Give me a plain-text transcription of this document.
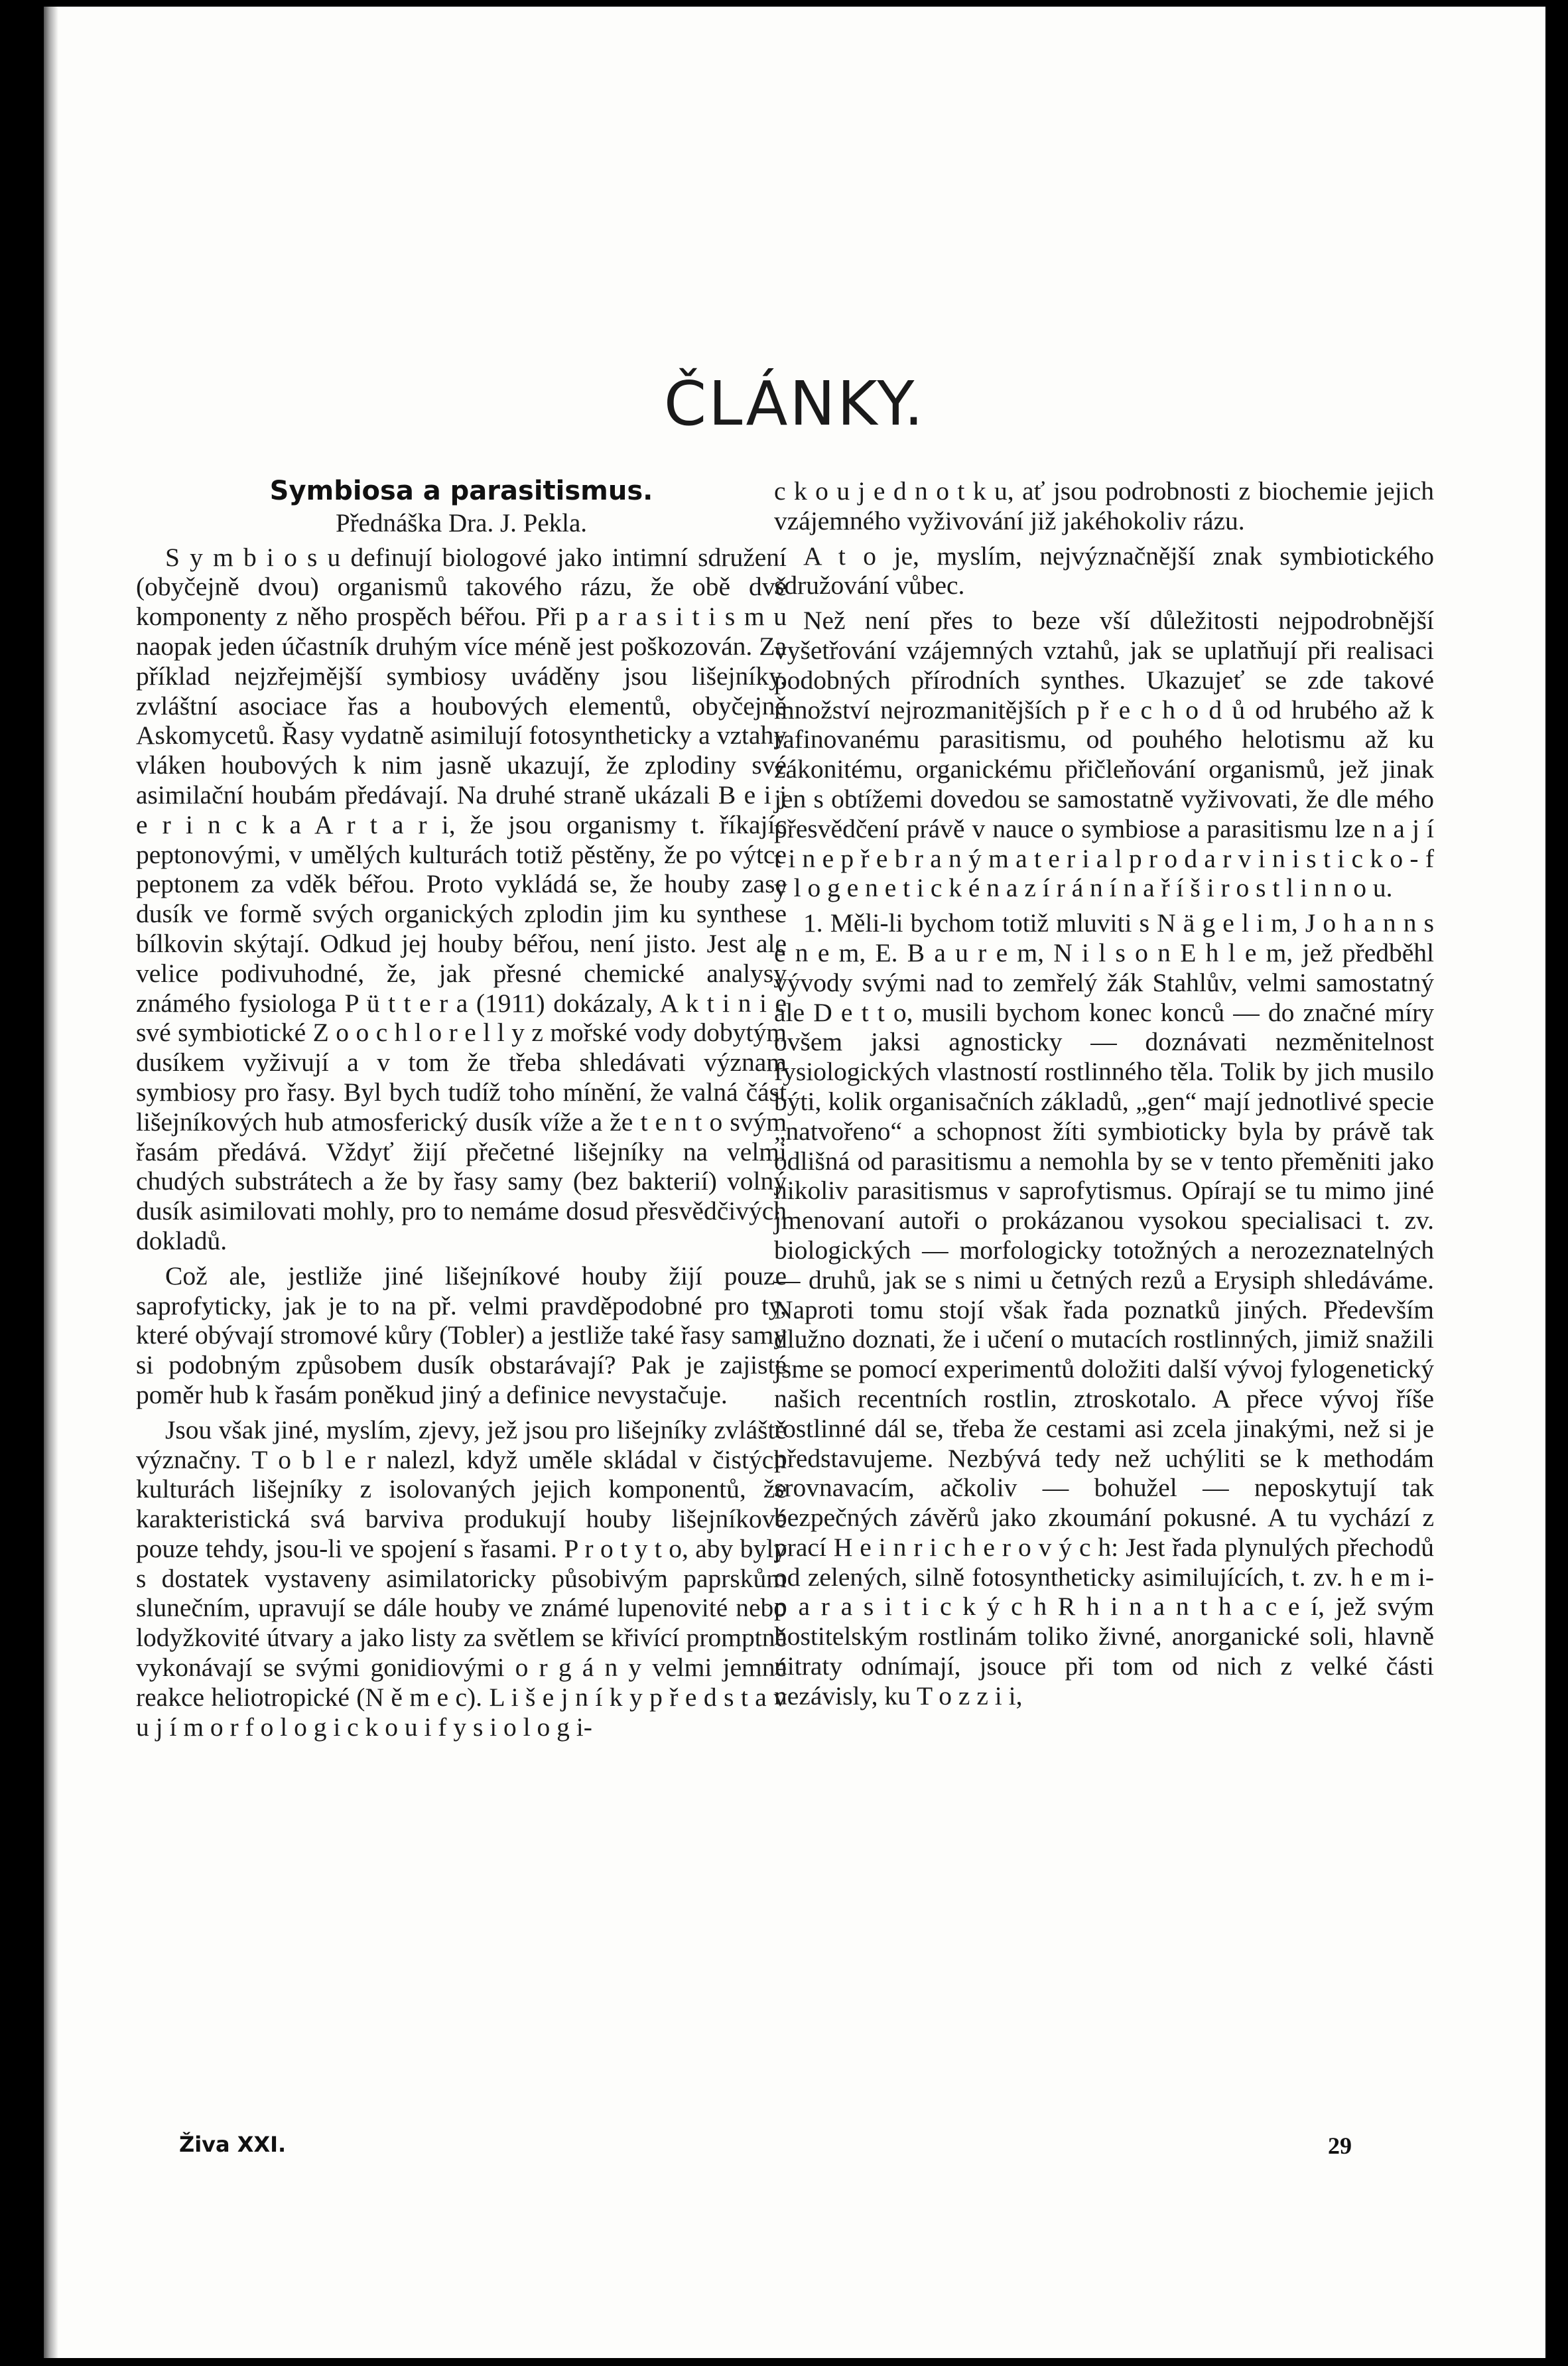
ČLÁNKY.
Symbiosa a parasitismus.
Přednáška Dra. J. Pekla.

S y m b i o s u definují biologové jako intimní sdružení (obyčejně dvou) organismů takového rázu, že obě dvě komponenty z něho prospěch béřou. Při p a r a s i t i s m u naopak jeden účastník druhým více méně jest poškozován. Za příklad nejzřejmější symbiosy uváděny jsou lišejníky, zvláštní asociace řas a houbových elementů, obyčejně Askomycetů. Řasy vydatně asimilují fotosyntheticky a vztahy vláken houbových k nim jasně ukazují, že zplodiny své asimilační houbám předávají. Na druhé straně ukázali B e i j e r i n c k a A r t a r i, že jsou organismy t. říkajíc peptonovými, v umělých kulturách totiž pěstěny, že po výtce peptonem za vděk béřou. Proto vykládá se, že houby zase dusík ve formě svých organických zplodin jim ku synthese bílkovin skýtají. Odkud jej houby béřou, není jisto. Jest ale velice podivuhodné, že, jak přesné chemické analysy známého fysiologa P ü t t e r a (1911) dokázaly, A k t i n i e své symbiotické Z o o c h l o r e l l y z mořské vody dobytým dusíkem vyživují a v tom že třeba shledávati význam symbiosy pro řasy. Byl bych tudíž toho mínění, že valná část lišejníkových hub atmosferický dusík víže a že t e n t o svým řasám předává. Vždyť žijí přečetné lišejníky na velmi chudých substrátech a že by řasy samy (bez bakterií) volný dusík asimilovati mohly, pro to nemáme dosud přesvědčivých dokladů.

Což ale, jestliže jiné lišejníkové houby žijí pouze saprofyticky, jak je to na př. velmi pravděpodobné pro ty, které obývají stromové kůry (Tobler) a jestliže také řasy samy si podobným způsobem dusík obstarávají? Pak je zajisté poměr hub k řasám poněkud jiný a definice nevystačuje.

Jsou však jiné, myslím, zjevy, jež jsou pro lišejníky zvláště význačny. T o b l e r nalezl, když uměle skládal v čistých kulturách lišejníky z isolovaných jejich komponentů, že karakteristická svá barviva produkují houby lišejníkové pouze tehdy, jsou-li ve spojení s řasami. P r o t y t o, aby byly s dostatek vystaveny asimilatoricky působivým paprskům slunečním, upravují se dále houby ve známé lupenovité nebo lodyžkovité útvary a jako listy za světlem se křivící promptně vykonávají se svými gonidiovými o r g á n y velmi jemné reakce heliotropické (N ě m e c). L i š e j n í k y p ř e d s t a v u j í m o r f o l o g i c k o u i f y s i o l o g i-

c k o u j e d n o t k u, ať jsou podrobnosti z biochemie jejich vzájemného vyživování již jakéhokoliv rázu.

A t o je, myslím, nejvýznačnější znak symbiotického sdružování vůbec.

Než není přes to beze vší důležitosti nejpodrobnější vyšetřování vzájemných vztahů, jak se uplatňují při realisaci podobných přírodních synthes. Ukazujeť se zde takové množství nejrozmanitějších p ř e c h o d ů od hrubého až k rafinovanému parasitismu, od pouhého helotismu až ku zákonitému, organickému přičleňování organismů, jež jinak jen s obtížemi dovedou se samostatně vyživovati, že dle mého přesvědčení právě v nauce o symbiose a parasitismu lze n a j í t i n e p ř e b r a n ý m a t e r i a l p r o d a r v i n i s t i c k o - f y l o g e n e t i c k é n a z í r á n í n a ř í š i r o s t l i n n o u.

1. Měli-li bychom totiž mluviti s N ä g e l i m, J o h a n n s e n e m, E. B a u r e m, N i l s o n E h l e m, jež předběhl vývody svými nad to zemřelý žák Stahlův, velmi samostatný ale D e t t o, musili bychom konec konců — do značné míry ovšem jaksi agnosticky — doznávati nezměnitelnost fysiologických vlastností rostlinného těla. Tolik by jich musilo býti, kolik organisačních základů, „gen“ mají jednotlivé specie „natvořeno“ a schopnost žíti symbioticky byla by právě tak odlišná od parasitismu a nemohla by se v tento přeměniti jako nikoliv parasitismus v saprofytismus. Opírají se tu mimo jiné jmenovaní autoři o prokázanou vysokou specialisaci t. zv. biologických — morfologicky totožných a nerozeznatelných — druhů, jak se s nimi u četných rezů a Erysiph shledáváme. Naproti tomu stojí však řada poznatků jiných. Především dlužno doznati, že i učení o mutacích rostlinných, jimiž snažili jsme se pomocí experimentů doložiti další vývoj fylogenetický našich recentních rostlin, ztroskotalo. A přece vývoj říše rostlinné dál se, třeba že cestami asi zcela jinakými, než si je představujeme. Nezbývá tedy než uchýliti se k methodám srovnavacím, ačkoliv — bohužel — neposkytují tak bezpečných závěrů jako zkoumání pokusné. A tu vychází z prací H e i n r i c h e r o v ý c h: Jest řada plynulých přechodů od zelených, silně fotosyntheticky asimilujících, t. zv. h e m i- p a r a s i t i c k ý c h R h i n a n t h a c e í, jež svým hostitelským rostlinám toliko živné, anorganické soli, hlavně nitraty odnímají, jsouce při tom od nich z velké části nezávisly, ku T o z z i i,

Živa XXI.	29
